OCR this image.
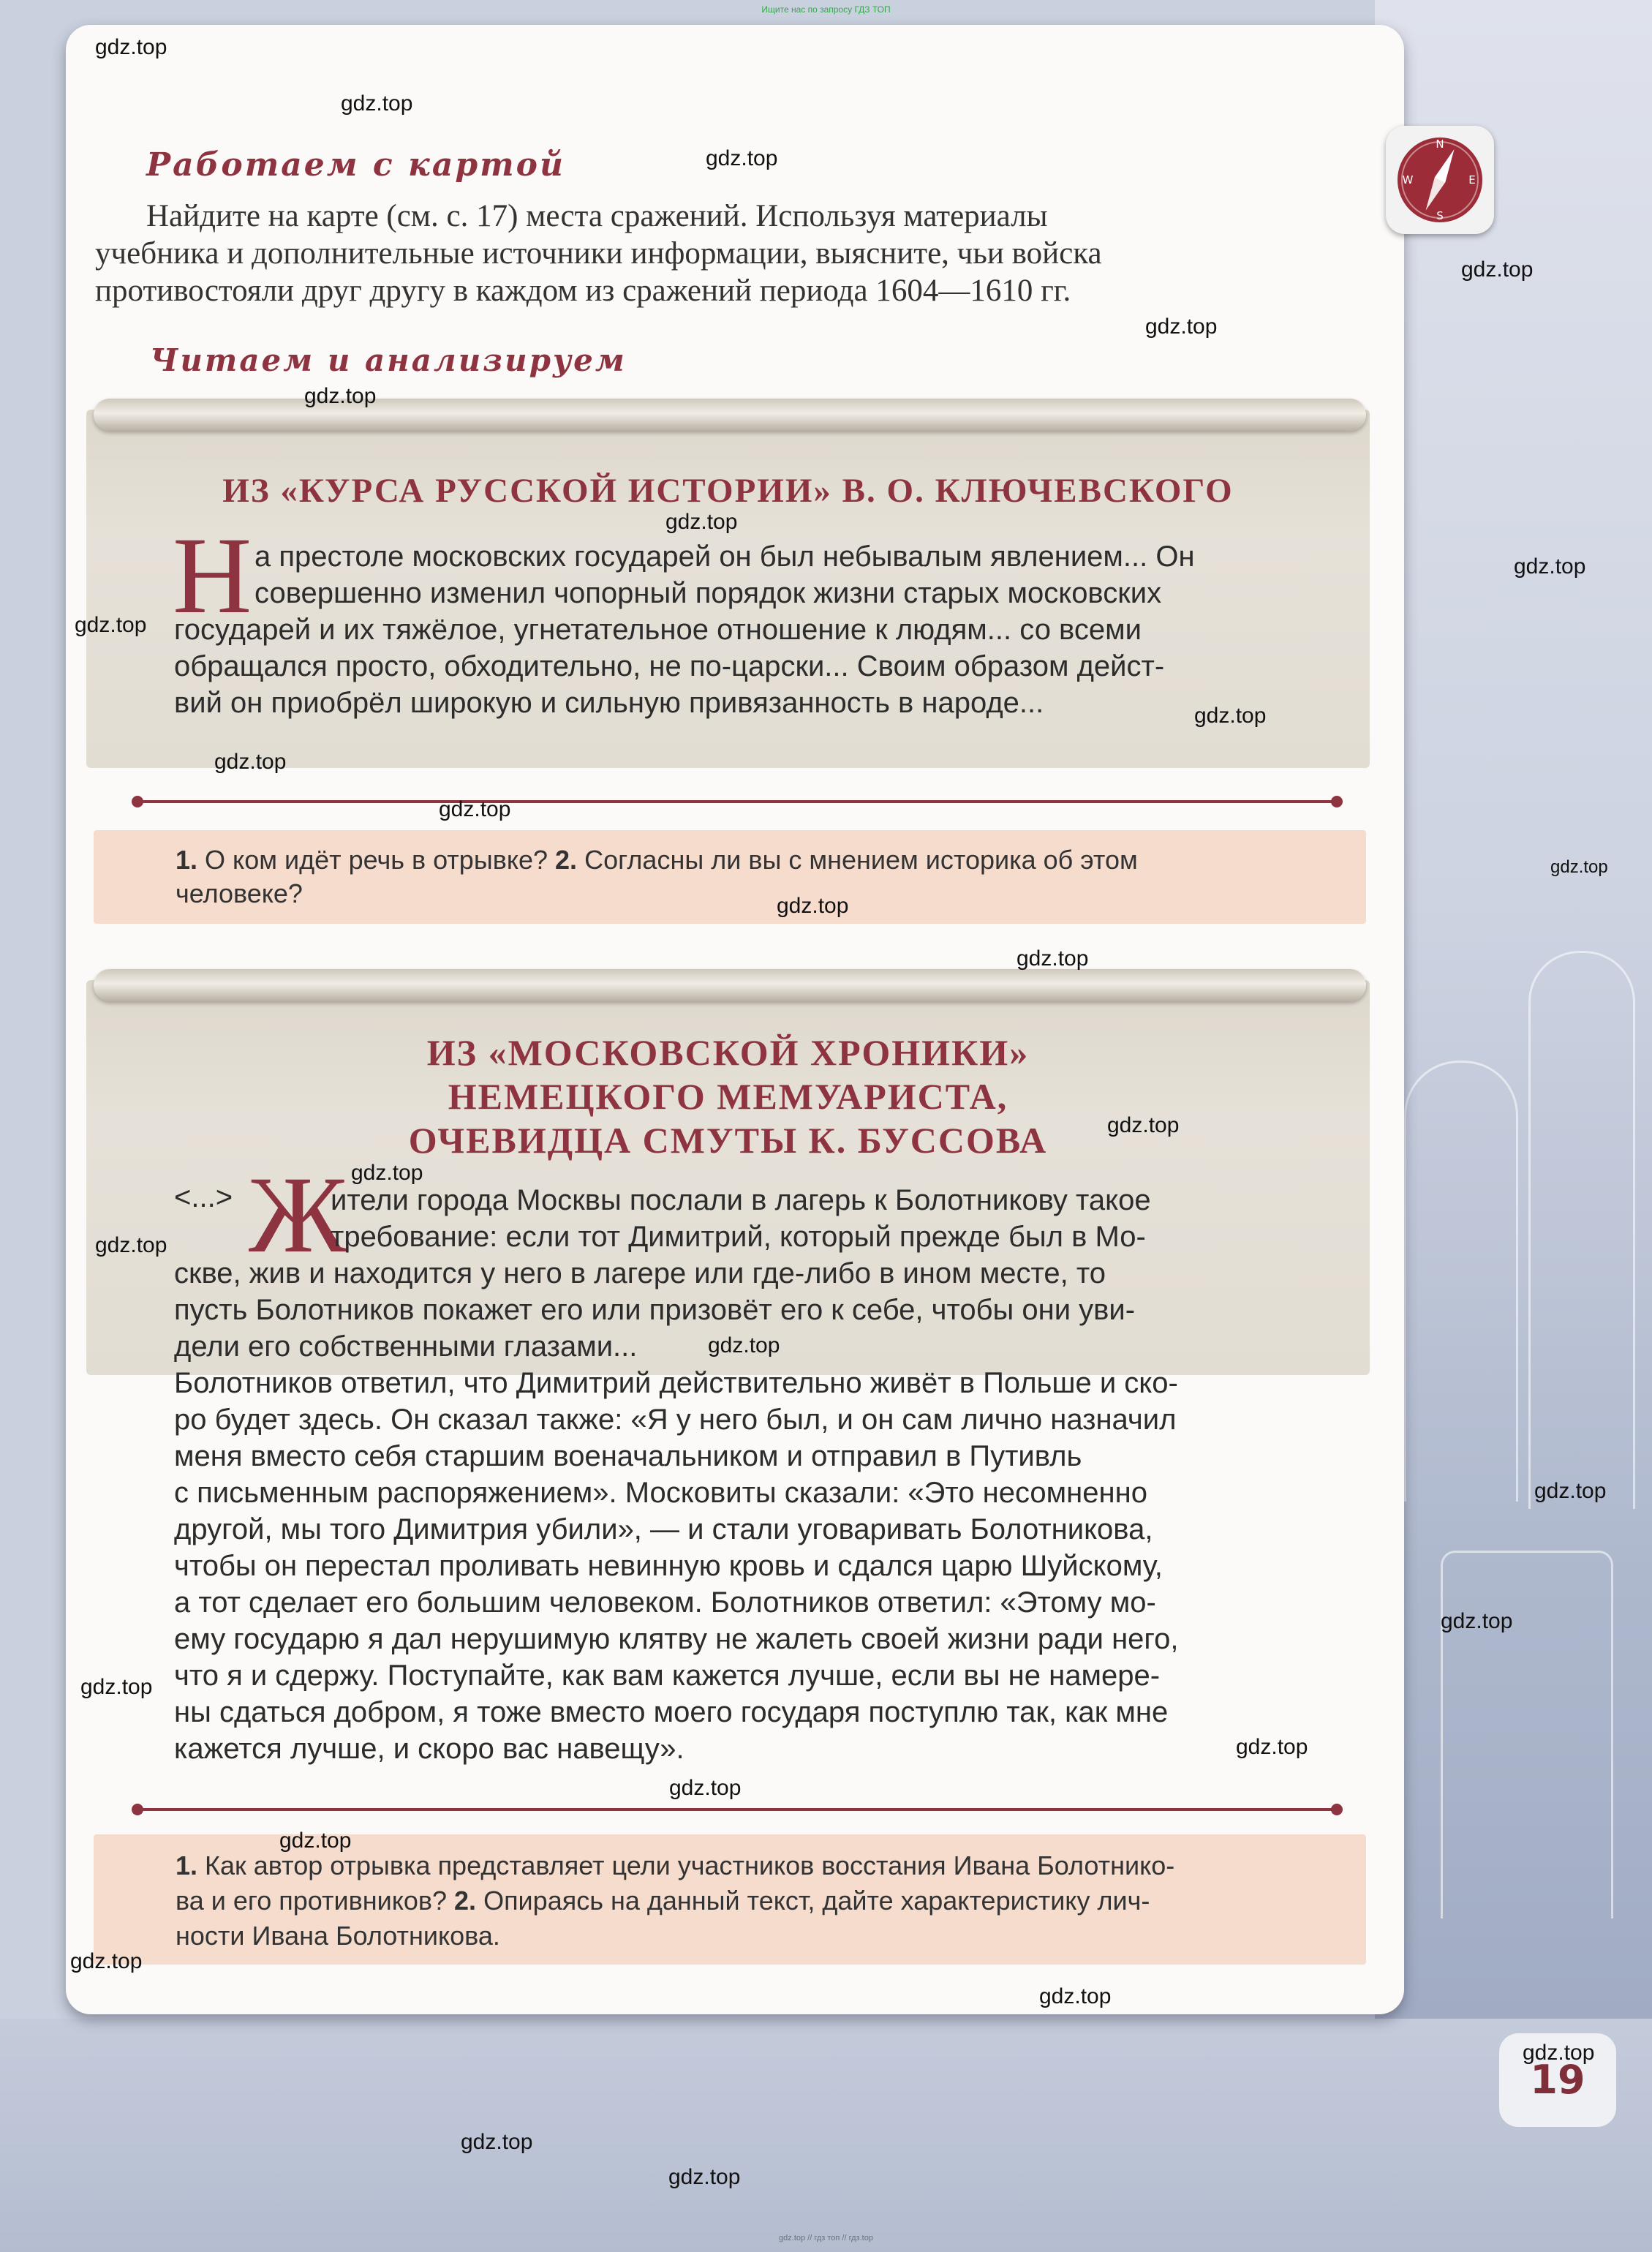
Ищите нас по запросу ГДЗ ТОП
N
E
S
W
Работаем с картой
Найдите на карте (см. с. 17) места сражений. Используя материалы
учебника и дополнительные источники информации, выясните, чьи войска
противостояли друг другу в каждом из сражений периода 1604—1610 гг.
Читаем и анализируем
ИЗ «КУРСА РУССКОЙ ИСТОРИИ» В. О. КЛЮЧЕВСКОГО
Н а престоле московских государей он был небывалым явлением... Он
совершенно изменил чопорный порядок жизни старых московских
государей и их тяжёлое, угнетательное отношение к людям... со всеми
обращался просто, обходительно, не по-царски... Своим образом дейст-
вий он приобрёл широкую и сильную привязанность в народе...
1. О ком идёт речь в отрывке? 2. Согласны ли вы с мнением историка об этом
человеке?
ИЗ «МОСКОВСКОЙ ХРОНИКИ»
НЕМЕЦКОГО МЕМУАРИСТА,
ОЧЕВИДЦА СМУТЫ К. БУССОВА
<...> Ж
ители города Москвы послали в лагерь к Болотникову такое
требование: если тот Димитрий, который прежде был в Мо-
скве, жив и находится у него в лагере или где-либо в ином месте, то
пусть Болотников покажет его или призовёт его к себе, чтобы они уви-
дели его собственными глазами...
Болотников ответил, что Димитрий действительно живёт в Польше и ско-
ро будет здесь. Он сказал также: «Я у него был, и он сам лично назначил
меня вместо себя старшим военачальником и отправил в Путивль
с письменным распоряжением». Московиты сказали: «Это несомненно
другой, мы того Димитрия убили», — и стали уговаривать Болотникова,
чтобы он перестал проливать невинную кровь и сдался царю Шуйскому,
а тот сделает его большим человеком. Болотников ответил: «Этому мо-
ему государю я дал нерушимую клятву не жалеть своей жизни ради него,
что я и сдержу. Поступайте, как вам кажется лучше, если вы не намере-
ны сдаться добром, я тоже вместо моего государя поступлю так, как мне
кажется лучше, и скоро вас навещу».
1. Как автор отрывка представляет цели участников восстания Ивана Болотнико-
ва и его противников? 2. Опираясь на данный текст, дайте характеристику лич-
ности Ивана Болотникова.
19
gdz.top
gdz.top
gdz.top
gdz.top
gdz.top
gdz.top
gdz.top
gdz.top
gdz.top
gdz.top
gdz.top
gdz.top
gdz.top
gdz.top
gdz.top
gdz.top
gdz.top
gdz.top
gdz.top
gdz.top
gdz.top
gdz.top
gdz.top
gdz.top
gdz.top
gdz.top
gdz.top
gdz.top
gdz.top
gdz.top
gdz.top // гдз топ // гдз.top
